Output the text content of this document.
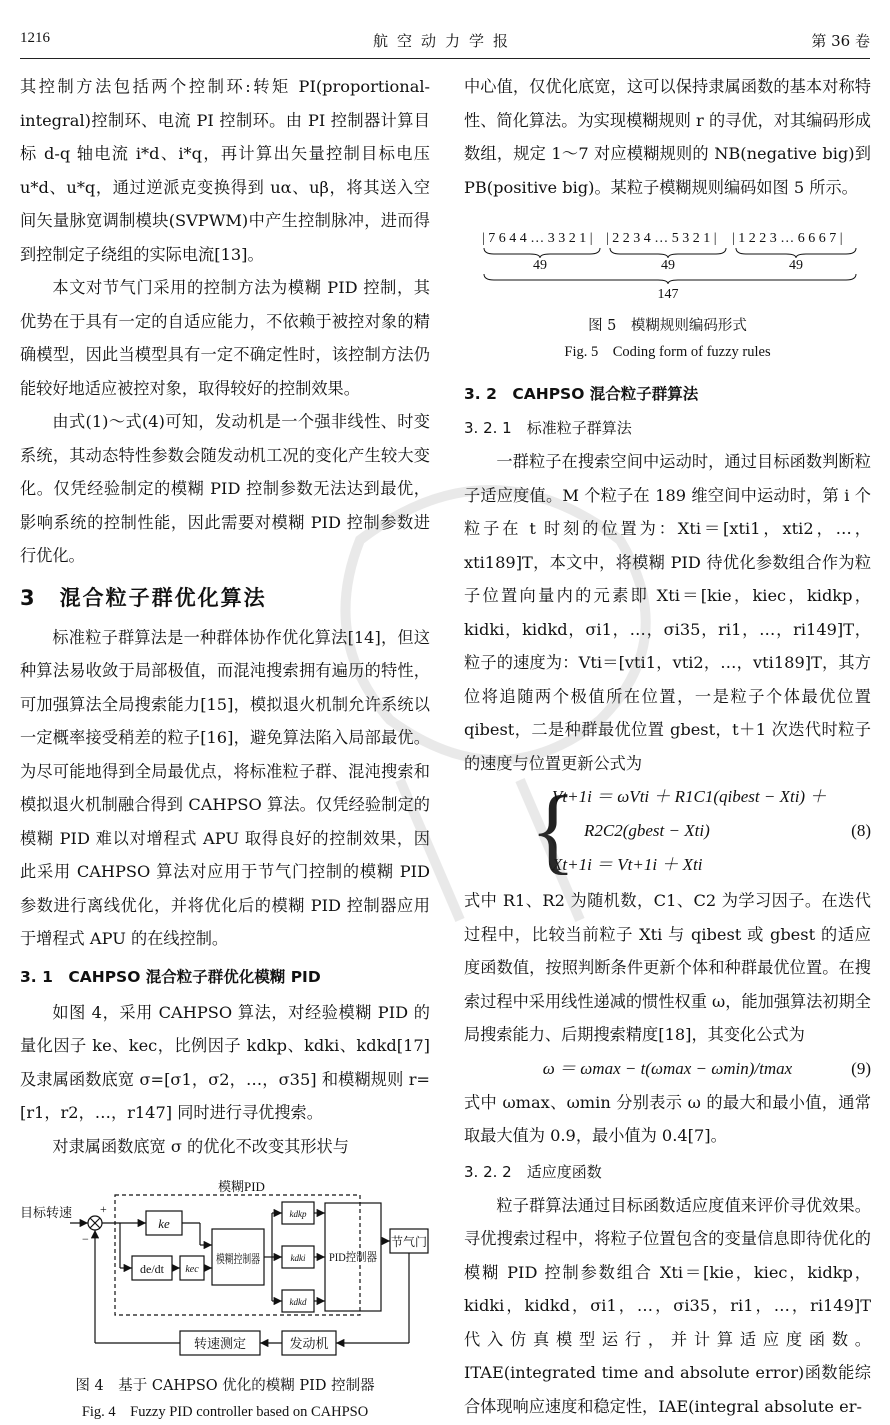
1216	航空动力学报	第 36 卷

其控制方法包括两个控制环:转矩 PI(proportional-integral)控制环、电流 PI 控制环。由 PI 控制器计算目标 d-q 轴电流 i*d、i*q，再计算出矢量控制目标电压 u*d、u*q，通过逆派克变换得到 uα、uβ，将其送入空间矢量脉宽调制模块(SVPWM)中产生控制脉冲，进而得到控制定子绕组的实际电流[13]。

本文对节气门采用的控制方法为模糊 PID 控制，其优势在于具有一定的自适应能力，不依赖于被控对象的精确模型，因此当模型具有一定不确定性时，该控制方法仍能较好地适应被控对象，取得较好的控制效果。

由式(1)～式(4)可知，发动机是一个强非线性、时变系统，其动态特性参数会随发动机工况的变化产生较大变化。仅凭经验制定的模糊 PID 控制参数无法达到最优，影响系统的控制性能，因此需要对模糊 PID 控制参数进行优化。

3　混合粒子群优化算法

标准粒子群算法是一种群体协作优化算法[14]，但这种算法易收敛于局部极值，而混沌搜索拥有遍历的特性，可加强算法全局搜索能力[15]，模拟退火机制允许系统以一定概率接受稍差的粒子[16]，避免算法陷入局部最优。为尽可能地得到全局最优点，将标准粒子群、混沌搜索和模拟退火机制融合得到 CAHPSO 算法。仅凭经验制定的模糊 PID 难以对增程式 APU 取得良好的控制效果，因此采用 CAHPSO 算法对应用于节气门控制的模糊 PID 参数进行离线优化，并将优化后的模糊 PID 控制器应用于增程式 APU 的在线控制。

3. 1　CAHPSO 混合粒子群优化模糊 PID

如图 4，采用 CAHPSO 算法，对经验模糊 PID 的量化因子 ke、kec，比例因子 kdkp、kdki、kdkd[17] 及隶属函数底宽 σ=[σ1，σ2，…，σ35] 和模糊规则 r=[r1，r2，…，r147] 同时进行寻优搜索。

对隶属函数底宽 σ 的优化不改变其形状与

目标转速 +
−
ke
de/dt kec
模糊PID
模糊控制器
kdkp
kdki
kdkd
PID控制器
节气门
转速测定	发动机
图 4　基于 CAHPSO 优化的模糊 PID 控制器
Fig. 4　Fuzzy PID controller based on CAHPSO

中心值，仅优化底宽，这可以保持隶属函数的基本对称特性、简化算法。为实现模糊规则 r 的寻优，对其编码形成数组，规定 1～7 对应模糊规则的 NB(negative big)到 PB(positive big)。某粒子模糊规则编码如图 5 所示。

| 7 6 4 4 … 3 3 2 1 | | 2 2 3 4 … 5 3 2 1 | | 1 2 2 3 … 6 6 6 7 |
49	49	49
147
图 5　模糊规则编码形式
Fig. 5　Coding form of fuzzy rules
3. 2　CAHPSO 混合粒子群算法
3. 2. 1　标准粒子群算法

一群粒子在搜索空间中运动时，通过目标函数判断粒子适应度值。M 个粒子在 189 维空间中运动时，第 i 个粒子在 t 时刻的位置为：Xti＝[xti1，xti2，…，xti189]T，本文中，将模糊 PID 待优化参数组合作为粒子位置向量内的元素即 Xti＝[kie，kiec，kidkp，kidki，kidkd，σi1，…，σi35，ri1，…，ri149]T，粒子的速度为：Vti＝[vti1，vti2，…，vti189]T，其方位将追随两个极值所在位置，一是粒子个体最优位置 qibest，二是种群最优位置 gbest，t＋1 次迭代时粒子的速度与位置更新公式为

{
Vt+1i ＝ ωVti ＋ R1C1(qibest − Xti) ＋
R2C2(gbest − Xti)
Xt+1i ＝ Vt+1i ＋ Xti
(8)

式中 R1、R2 为随机数，C1、C2 为学习因子。在迭代过程中，比较当前粒子 Xti 与 qibest 或 gbest 的适应度函数值，按照判断条件更新个体和种群最优位置。在搜索过程中采用线性递减的惯性权重 ω，能加强算法初期全局搜索能力、后期搜索精度[18]，其变化公式为

ω ＝ ωmax − t(ωmax − ωmin)/tmax	(9)

式中 ωmax、ωmin 分别表示 ω 的最大和最小值，通常取最大值为 0.9，最小值为 0.4[7]。

3. 2. 2　适应度函数

粒子群算法通过目标函数适应度值来评价寻优效果。寻优搜索过程中，将粒子位置包含的变量信息即待优化的模糊 PID 控制参数组合 Xti＝[kie，kiec，kidkp，kidki，kidkd，σi1，…，σi35，ri1，…，ri149]T　代入仿真模型运行，并计算适应度函数。ITAE(integrated time and absolute error)函数能综合体现响应速度和稳定性，IAE(integral absolute er-
